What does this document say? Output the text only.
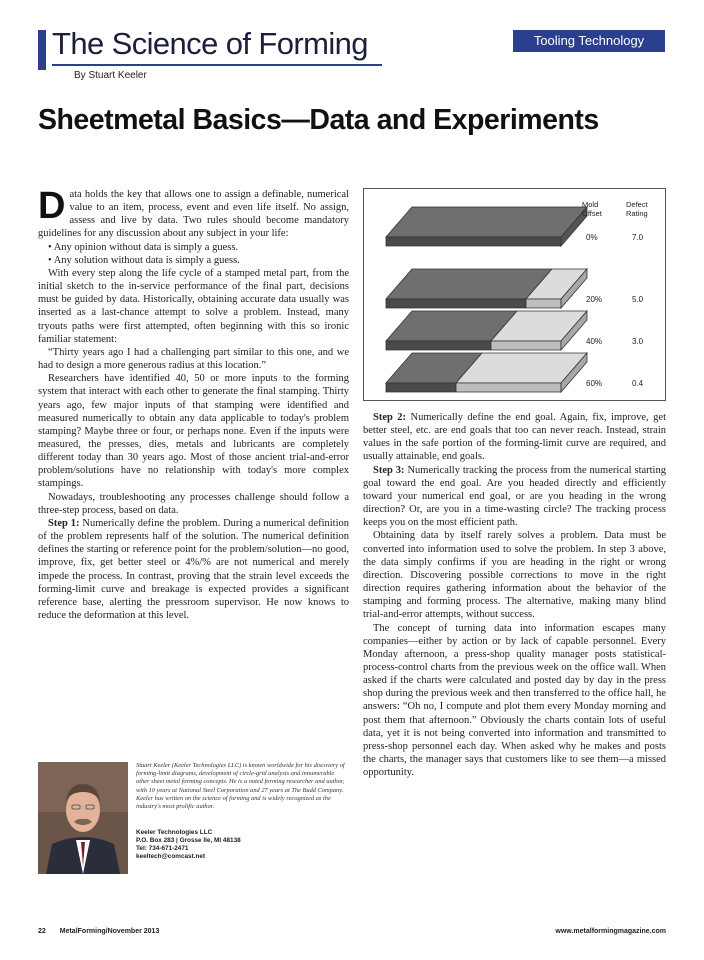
The Science of Forming
By Stuart Keeler
Tooling Technology
Sheetmetal Basics—Data and Experiments
D ata holds the key that allows one to assign a definable, numerical value to an item, process, event and even life itself. No assign, assess and live by data. Two rules should become mandatory guidelines for any discussion about any subject in your life:

• Any opinion without data is simply a guess.

• Any solution without data is simply a guess.

With every step along the life cycle of a stamped metal part, from the initial sketch to the in-service performance of the final part, decisions must be guided by data. Historically, obtaining accurate data usually was inserted as a last-chance attempt to solve a problem. Instead, many tryouts paths were first attempted, often beginning with this so ironic familiar statement:

“Thirty years ago I had a challenging part similar to this one, and we had to design a more generous radius at this location.”

Researchers have identified 40, 50 or more inputs to the forming system that interact with each other to generate the final stamping. Thirty years ago, few major inputs of that stamping were identified and measured numerically to obtain any data applicable to today's problem stamping? Maybe three or four, or perhaps none. Even if the inputs were measured, the presses, dies, metals and lubricants are completely different today than 30 years ago. Most of those ancient trial-and-error problem/solutions have no relationship with today's more complex stampings.

Nowadays, troubleshooting any processes challenge should follow a three-step process, based on data.

Step 1: Numerically define the problem. During a numerical definition of the problem represents half of the solution. The numerical definition defines the starting or reference point for the problem/solution—no good, improve, fix, get better steel or 4%/% are not numerical and merely impede the process. In contrast, proving that the strain level exceeds the forming-limit curve and breakage is expected provides a significant reference base, alerting the pressroom supervisor. He now knows to reduce the deformation at this level.

Mold Offset
Defect Rating
0%	7.0
20%	5.0
40%	3.0
60%	0.4

Step 2: Numerically define the end goal. Again, fix, improve, get better steel, etc. are end goals that too can never reach. Instead, strain values in the safe portion of the forming-limit curve are required, and usually attainable, end goals.

Step 3: Numerically tracking the process from the numerical starting goal toward the end goal. Are you headed directly and efficiently toward your numerical end goal, or are you heading in the wrong direction? Or, are you in a time-wasting circle? The tracking process keeps you on the most efficient path.

Obtaining data by itself rarely solves a problem. Data must be converted into information used to solve the problem. In step 3 above, the data simply confirms if you are heading in the right or wrong direction. Discovering possible corrections to move in the right direction requires gathering information about the behavior of the stamping and forming process. The alternative, making many blind trial-and-error attempts, without success.

The concept of turning data into information escapes many companies—either by action or by lack of capable personnel. Every Monday afternoon, a press-shop quality manager posts statistical-process-control charts from the previous week on the office wall. When asked if the charts were calculated and posted day by day in the press shop during the previous week and then transferred to the office hall, he answers: “Oh no, I compute and plot them every Monday morning and post them that afternoon.” Obviously the charts contain lots of useful data, yet it is not being converted into information and transmitted to press-shop personnel each day. When asked why he makes and posts the charts, the manager says that customers like to see them—a missed opportunity.

Stuart Keeler (Keeler Technologies LLC) is known worldwide for his discovery of forming-limit diagrams, development of circle-grid analysis and innumerable other sheet metal forming concepts. He is a noted forming researcher and author, with 10 years at National Steel Corporation and 27 years at The Budd Company. Keeler has written on the science of forming and is widely recognized as the industry's most prolific author.
Keeler Technologies LLC
P.O. Box 283 | Grosse Ile, MI 48138
Tel: 734-671-2471
keeltech@comcast.net
22 MetalForming/November 2013	www.metalformingmagazine.com
